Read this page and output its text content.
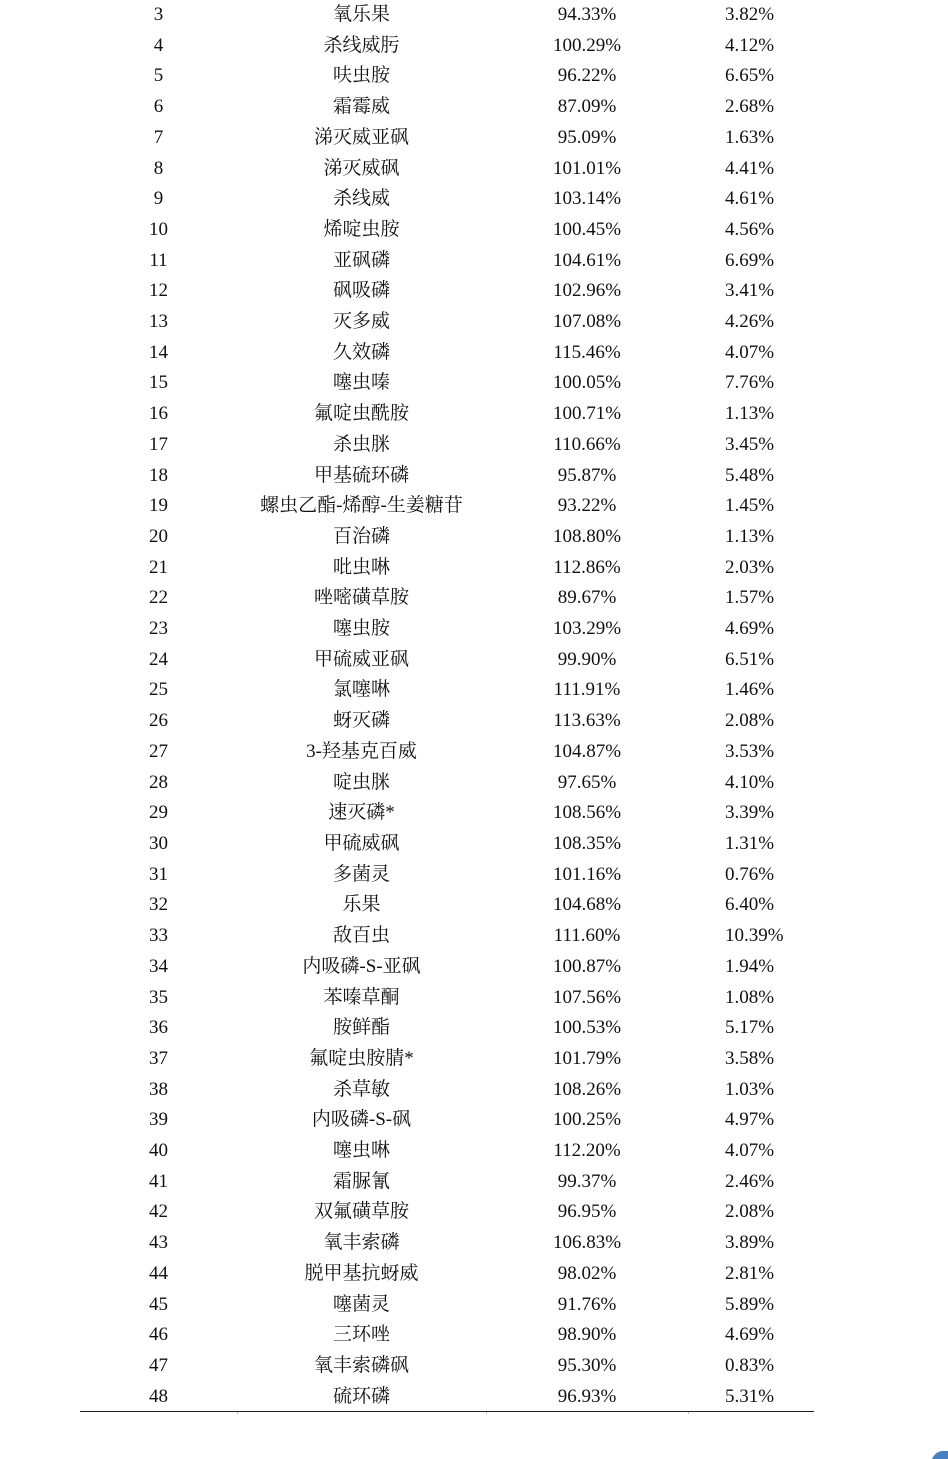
3	氧乐果	94.33%	3.82%
4	杀线威肟	100.29%	4.12%
5	呋虫胺	96.22%	6.65%
6	霜霉威	87.09%	2.68%
7	涕灭威亚砜	95.09%	1.63%
8	涕灭威砜	101.01%	4.41%
9	杀线威	103.14%	4.61%
10	烯啶虫胺	100.45%	4.56%
11	亚砜磷	104.61%	6.69%
12	砜吸磷	102.96%	3.41%
13	灭多威	107.08%	4.26%
14	久效磷	115.46%	4.07%
15	噻虫嗪	100.05%	7.76%
16	氟啶虫酰胺	100.71%	1.13%
17	杀虫脒	110.66%	3.45%
18	甲基硫环磷	95.87%	5.48%
19	螺虫乙酯-烯醇-生姜糖苷	93.22%	1.45%
20	百治磷	108.80%	1.13%
21	吡虫啉	112.86%	2.03%
22	唑嘧磺草胺	89.67%	1.57%
23	噻虫胺	103.29%	4.69%
24	甲硫威亚砜	99.90%	6.51%
25	氯噻啉	111.91%	1.46%
26	蚜灭磷	113.63%	2.08%
27	3-羟基克百威	104.87%	3.53%
28	啶虫脒	97.65%	4.10%
29	速灭磷*	108.56%	3.39%
30	甲硫威砜	108.35%	1.31%
31	多菌灵	101.16%	0.76%
32	乐果	104.68%	6.40%
33	敌百虫	111.60%	10.39%
34	内吸磷-S-亚砜	100.87%	1.94%
35	苯嗪草酮	107.56%	1.08%
36	胺鲜酯	100.53%	5.17%
37	氟啶虫胺腈*	101.79%	3.58%
38	杀草敏	108.26%	1.03%
39	内吸磷-S-砜	100.25%	4.97%
40	噻虫啉	112.20%	4.07%
41	霜脲氰	99.37%	2.46%
42	双氟磺草胺	96.95%	2.08%
43	氧丰索磷	106.83%	3.89%
44	脱甲基抗蚜威	98.02%	2.81%
45	噻菌灵	91.76%	5.89%
46	三环唑	98.90%	4.69%
47	氧丰索磷砜	95.30%	0.83%
48	硫环磷	96.93%	5.31%
